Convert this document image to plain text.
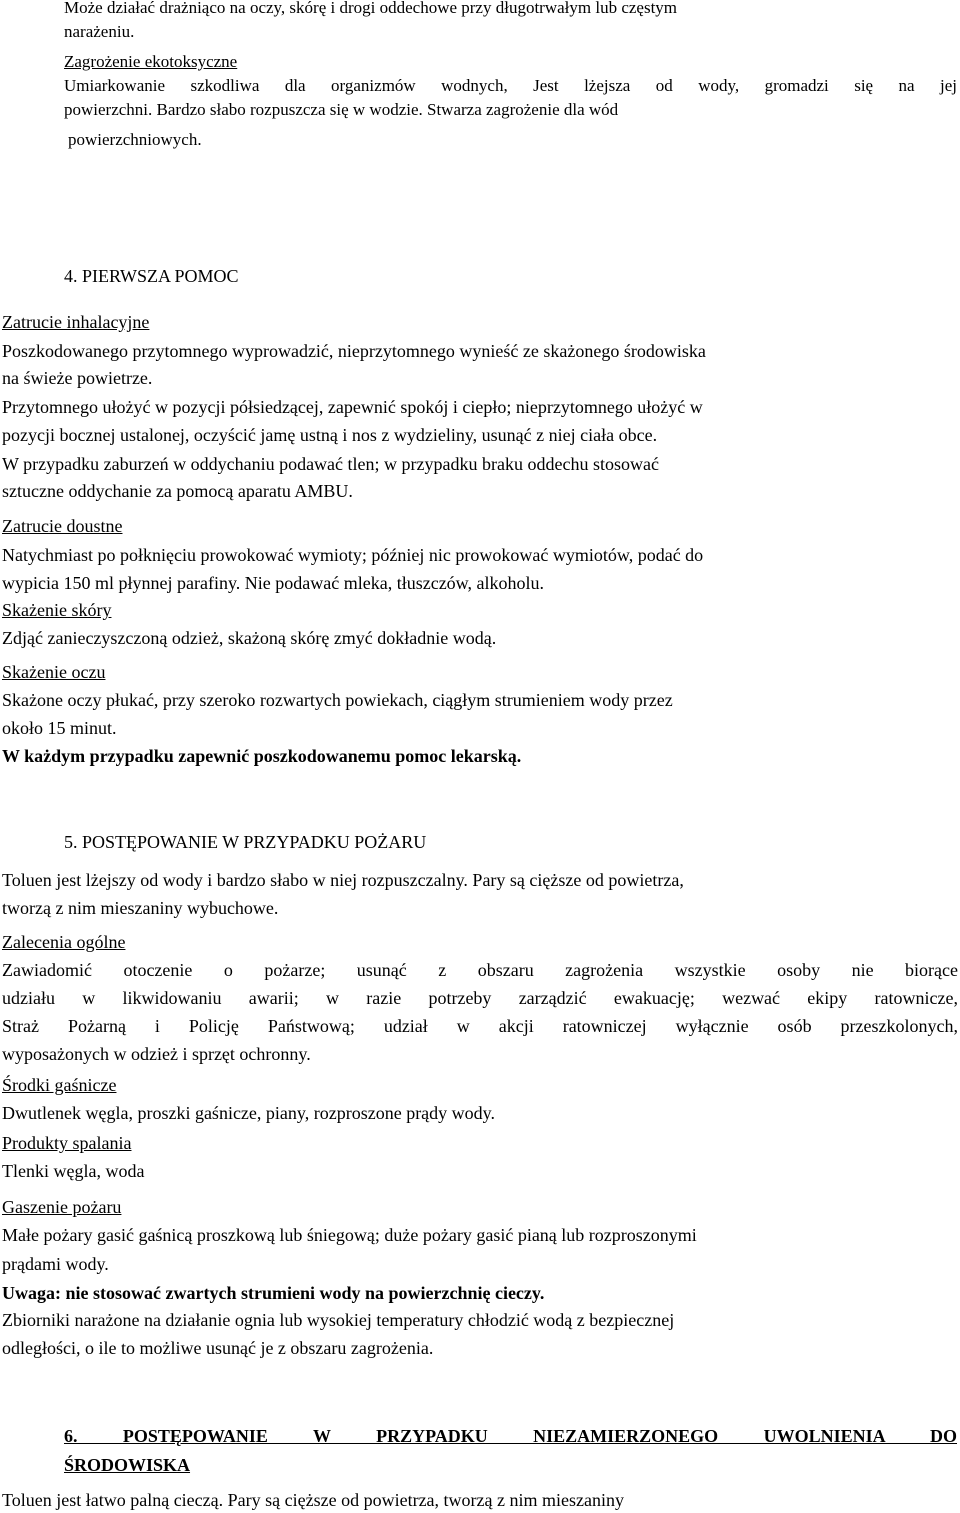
Może działać drażniąco na oczy, skórę i drogi oddechowe przy długotrwałym lub częstym
narażeniu.
Zagrożenie ekotoksyczne
Umiarkowanie szkodliwa dla organizmów wodnych, Jest lżejsza od wody, gromadzi się na jej
powierzchni. Bardzo słabo rozpuszcza się w wodzie. Stwarza zagrożenie dla wód
powierzchniowych.
4. PIERWSZA POMOC
Zatrucie inhalacyjne
Poszkodowanego przytomnego wyprowadzić, nieprzytomnego wynieść ze skażonego środowiska
na świeże powietrze.
Przytomnego ułożyć w pozycji półsiedzącej, zapewnić spokój i ciepło; nieprzytomnego ułożyć w
pozycji bocznej ustalonej, oczyścić jamę ustną i nos z wydzieliny, usunąć z niej ciała obce.
W przypadku zaburzeń w oddychaniu podawać tlen; w przypadku braku oddechu stosować
sztuczne oddychanie za pomocą aparatu AMBU.
Zatrucie doustne
Natychmiast po połknięciu prowokować wymioty; później nic prowokować wymiotów, podać do
wypicia 150 ml płynnej parafiny. Nie podawać mleka, tłuszczów, alkoholu.
Skażenie skóry
Zdjąć zanieczyszczoną odzież, skażoną skórę zmyć dokładnie wodą.
Skażenie oczu
Skażone oczy płukać, przy szeroko rozwartych powiekach, ciągłym strumieniem wody przez
około 15 minut.
W każdym przypadku zapewnić poszkodowanemu pomoc lekarską.
5. POSTĘPOWANIE W PRZYPADKU POŻARU
Toluen jest lżejszy od wody i bardzo słabo w niej rozpuszczalny. Pary są cięższe od powietrza,
tworzą z nim mieszaniny wybuchowe.
Zalecenia ogólne
Zawiadomić otoczenie o pożarze; usunąć z obszaru zagrożenia wszystkie osoby nie biorące
udziału w likwidowaniu awarii; w razie potrzeby zarządzić ewakuację; wezwać ekipy ratownicze,
Straż Pożarną i Policję Państwową; udział w akcji ratowniczej wyłącznie osób przeszkolonych,
wyposażonych w odzież i sprzęt ochronny.
Środki gaśnicze
Dwutlenek węgla, proszki gaśnicze, piany, rozproszone prądy wody.
Produkty spalania
Tlenki węgla, woda
Gaszenie pożaru
Małe pożary gasić gaśnicą proszkową lub śniegową; duże pożary gasić pianą lub rozproszonymi
prądami wody.
Uwaga: nie stosować zwartych strumieni wody na powierzchnię cieczy.
Zbiorniki narażone na działanie ognia lub wysokiej temperatury chłodzić wodą z bezpiecznej
odległości, o ile to możliwe usunąć je z obszaru zagrożenia.
6. POSTĘPOWANIE W PRZYPADKU NIEZAMIERZONEGO UWOLNIENIA DO
ŚRODOWISKA
Toluen jest łatwo palną cieczą. Pary są cięższe od powietrza, tworzą z nim mieszaniny
